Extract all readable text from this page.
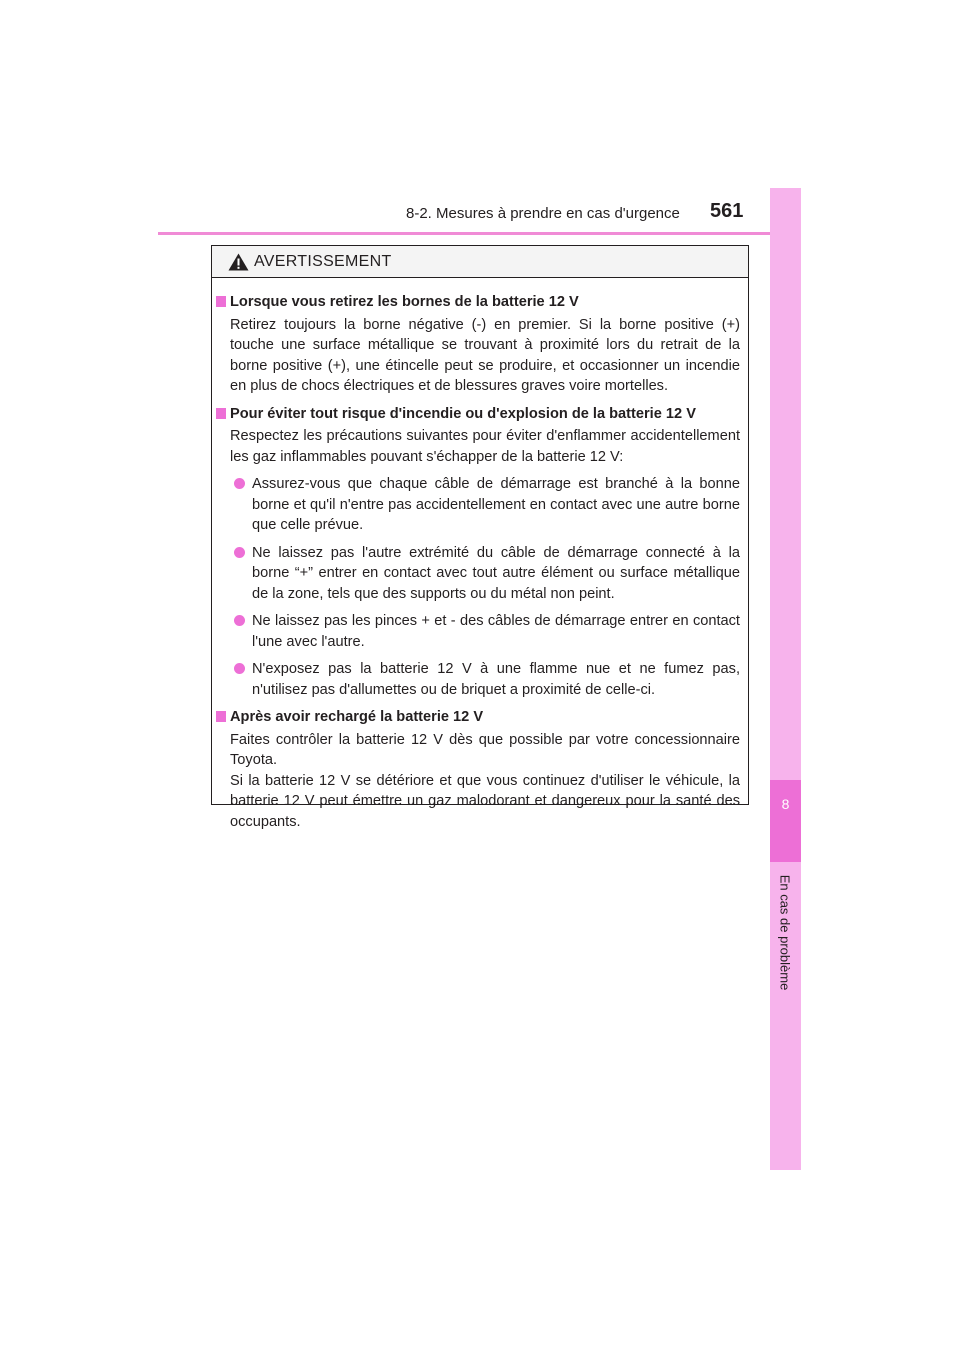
8-2. Mesures à prendre en cas d'urgence 561
8
En cas de problème
AVERTISSEMENT
Lorsque vous retirez les bornes de la batterie 12 V
Retirez toujours la borne négative (-) en premier. Si la borne positive (+) touche une surface métallique se trouvant à proximité lors du retrait de la borne positive (+), une étincelle peut se produire, et occasionner un incendie en plus de chocs électriques et de blessures graves voire mortelles.
Pour éviter tout risque d'incendie ou d'explosion de la batterie 12 V
Respectez les précautions suivantes pour éviter d'enflammer accidentellement les gaz inflammables pouvant s'échapper de la batterie 12 V:
Assurez-vous que chaque câble de démarrage est branché à la bonne borne et qu'il n'entre pas accidentellement en contact avec une autre borne que celle prévue.
Ne laissez pas l'autre extrémité du câble de démarrage connecté à la borne “+” entrer en contact avec tout autre élément ou surface métallique de la zone, tels que des supports ou du métal non peint.
Ne laissez pas les pinces + et - des câbles de démarrage entrer en contact l'une avec l'autre.
N'exposez pas la batterie 12 V à une flamme nue et ne fumez pas, n'utilisez pas d'allumettes ou de briquet a proximité de celle-ci.
Après avoir rechargé la batterie 12 V
Faites contrôler la batterie 12 V dès que possible par votre concessionnaire Toyota.
Si la batterie 12 V se détériore et que vous continuez d'utiliser le véhicule, la batterie 12 V peut émettre un gaz malodorant et dangereux pour la santé des occupants.
